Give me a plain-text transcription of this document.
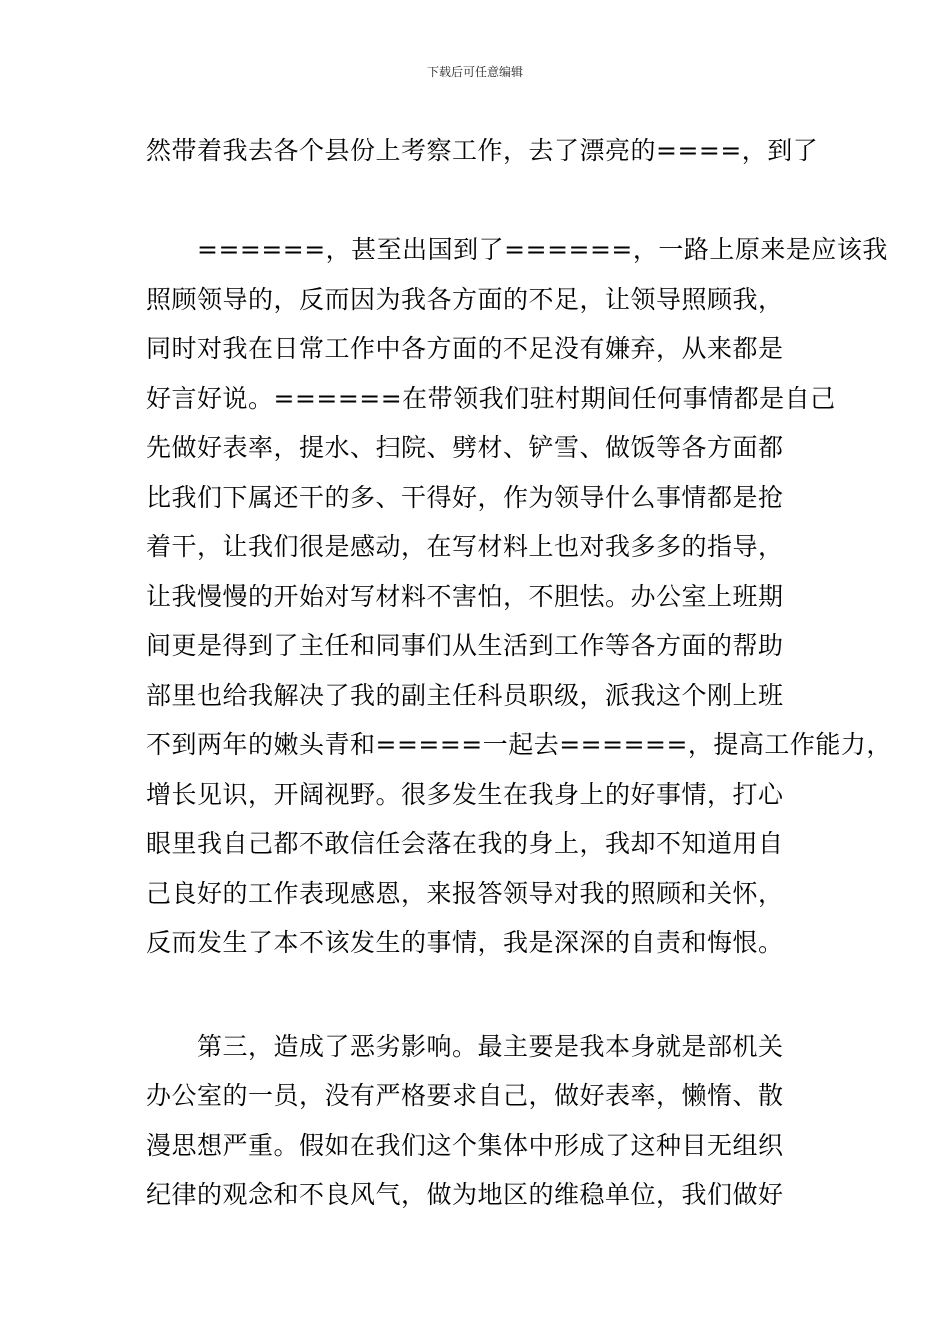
下载后可任意编辑
然带着我去各个县份上考察工作，去了漂亮的====，到了
======，甚至出国到了======，一路上原来是应该我
照顾领导的，反而因为我各方面的不足，让领导照顾我，
同时对我在日常工作中各方面的不足没有嫌弃，从来都是
好言好说。======在带领我们驻村期间任何事情都是自己
先做好表率，提水、扫院、劈材、铲雪、做饭等各方面都
比我们下属还干的多、干得好，作为领导什么事情都是抢
着干，让我们很是感动，在写材料上也对我多多的指导，
让我慢慢的开始对写材料不害怕，不胆怯。办公室上班期
间更是得到了主任和同事们从生活到工作等各方面的帮助
部里也给我解决了我的副主任科员职级，派我这个刚上班
不到两年的嫩头青和=====一起去======，提高工作能力，
增长见识，开阔视野。很多发生在我身上的好事情，打心
眼里我自己都不敢信任会落在我的身上，我却不知道用自
己良好的工作表现感恩，来报答领导对我的照顾和关怀，
反而发生了本不该发生的事情，我是深深的自责和悔恨。
第三，造成了恶劣影响。最主要是我本身就是部机关
办公室的一员，没有严格要求自己，做好表率，懒惰、散
漫思想严重。假如在我们这个集体中形成了这种目无组织
纪律的观念和不良风气，做为地区的维稳单位，我们做好
